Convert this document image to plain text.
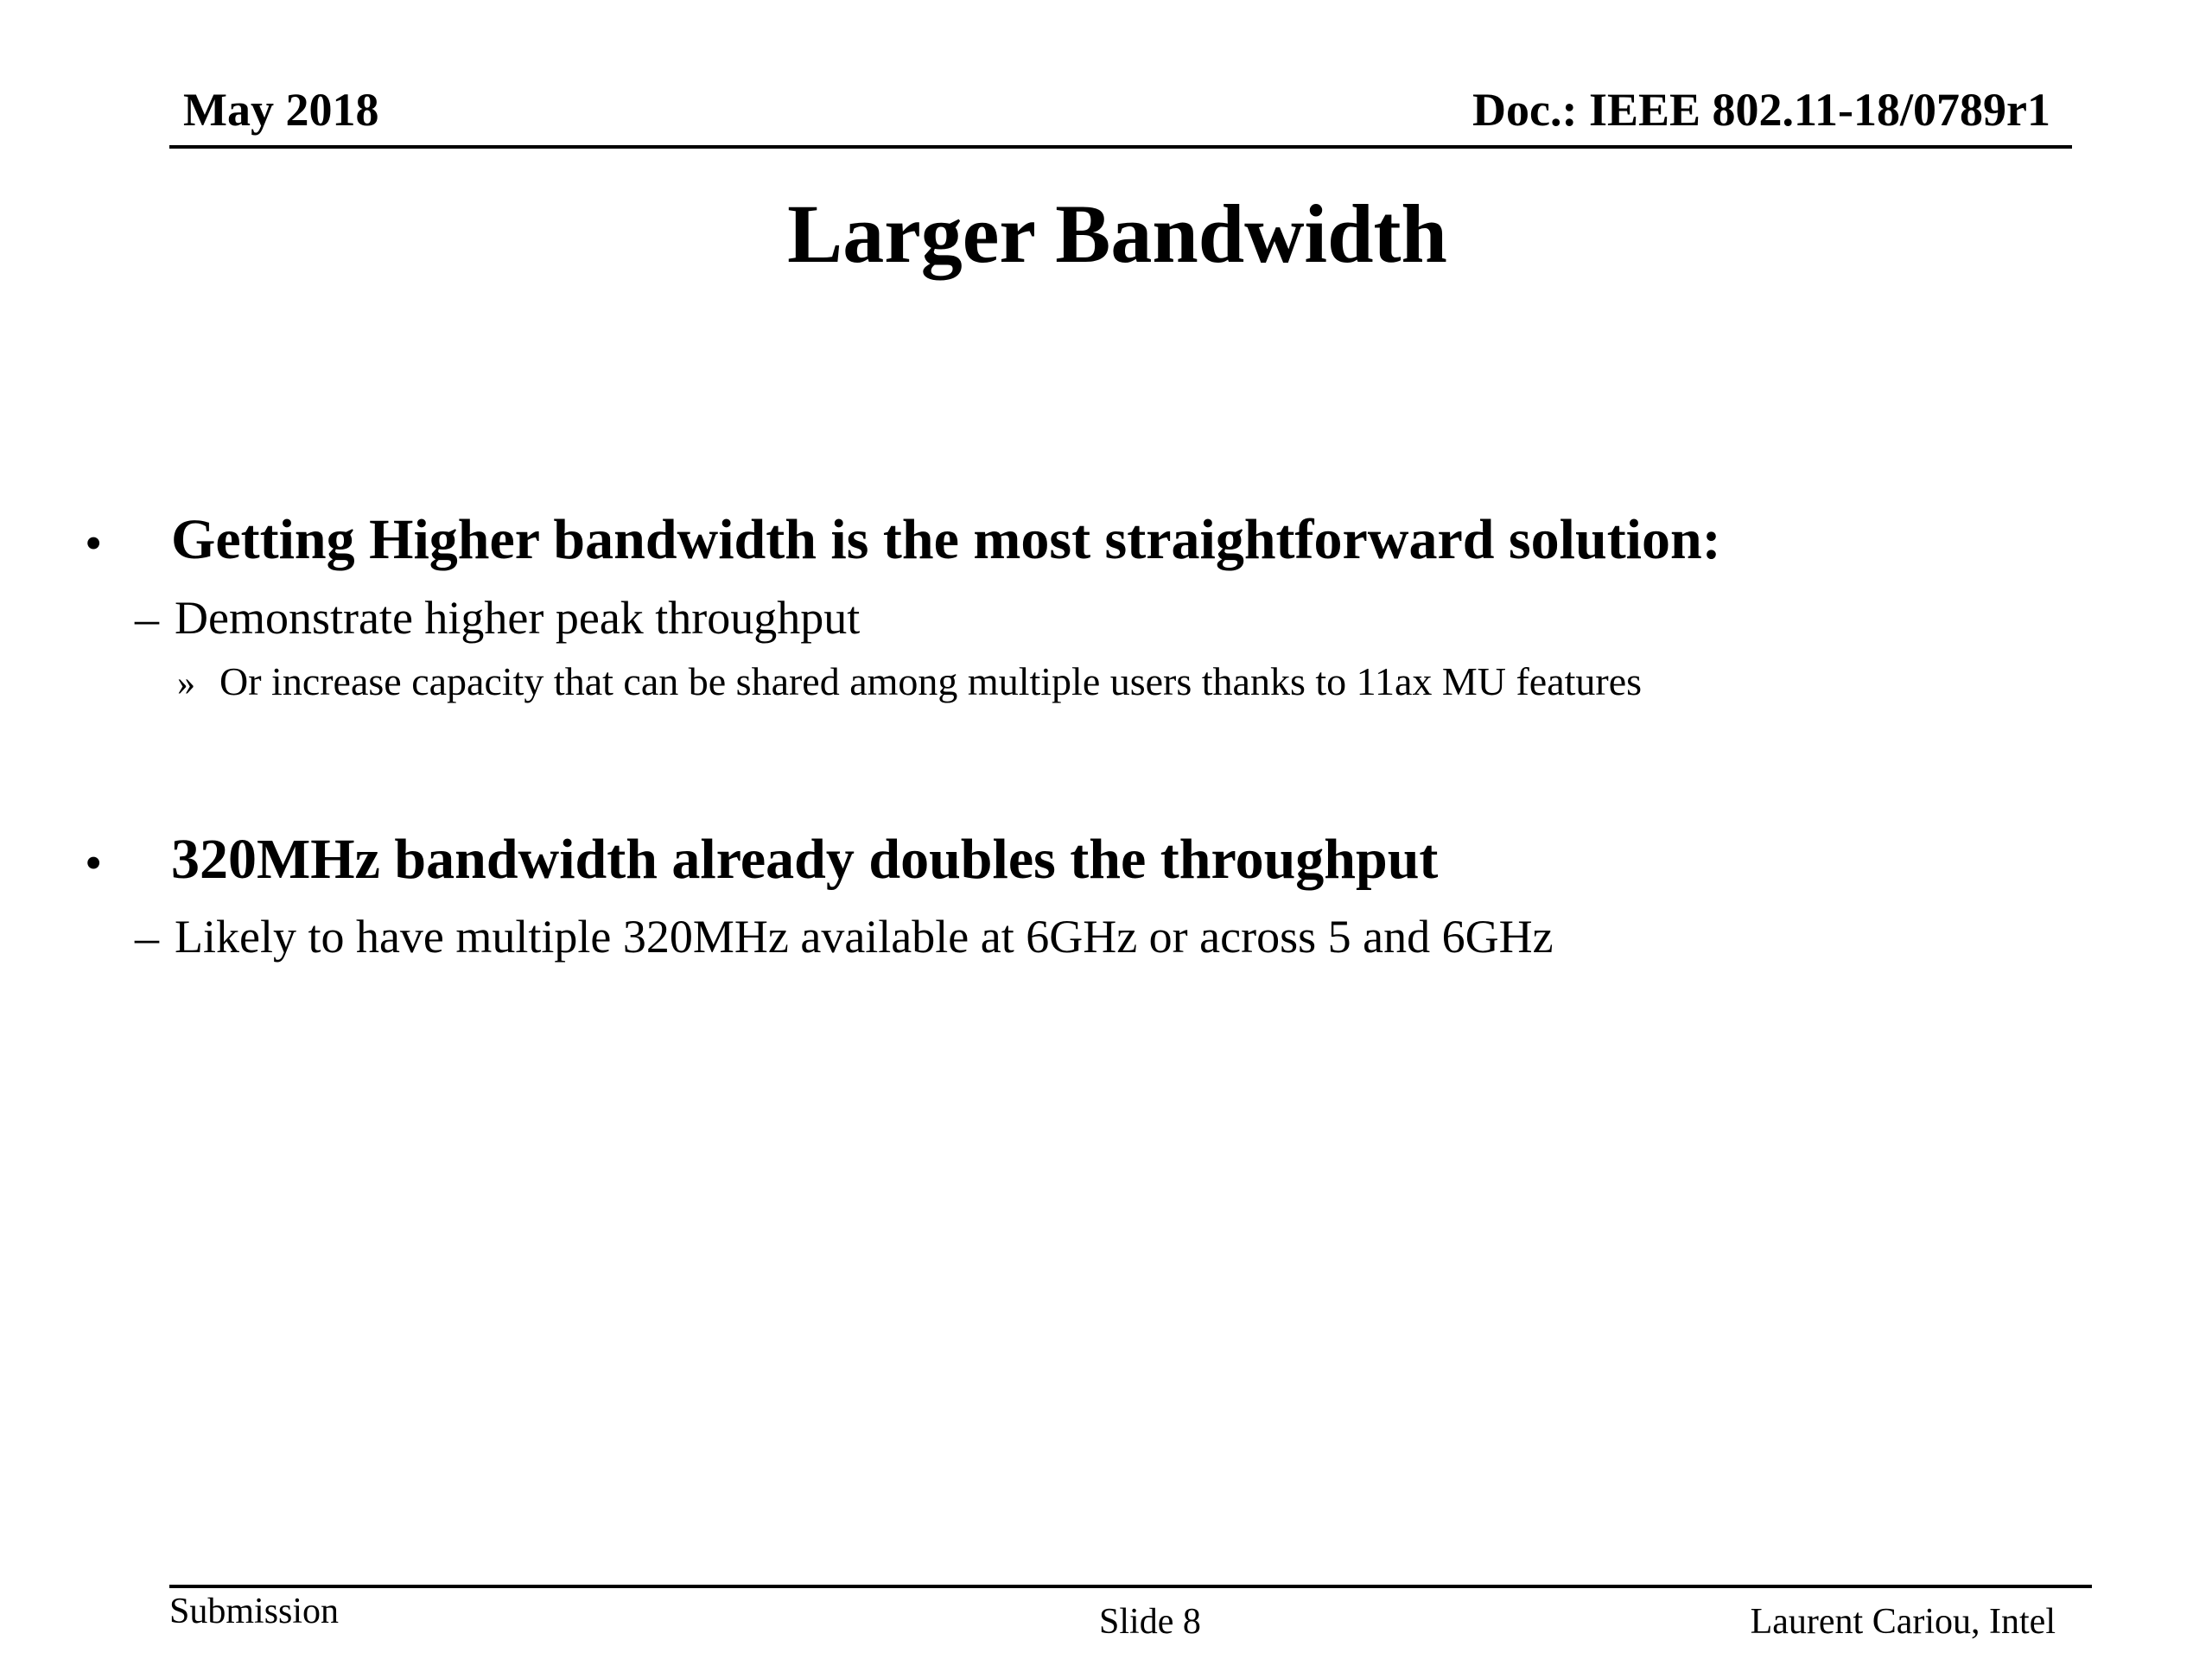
May 2018	Doc.: IEEE 802.11-18/0789r1
Larger Bandwidth
• Getting Higher bandwidth is the most straightforward solution:
– Demonstrate higher peak throughput
» Or increase capacity that can be shared among multiple users thanks to 11ax MU features
• 320MHz bandwidth already doubles the throughput
– Likely to have multiple 320MHz available at 6GHz or across 5 and 6GHz
Submission	Slide 8	Laurent Cariou, Intel
